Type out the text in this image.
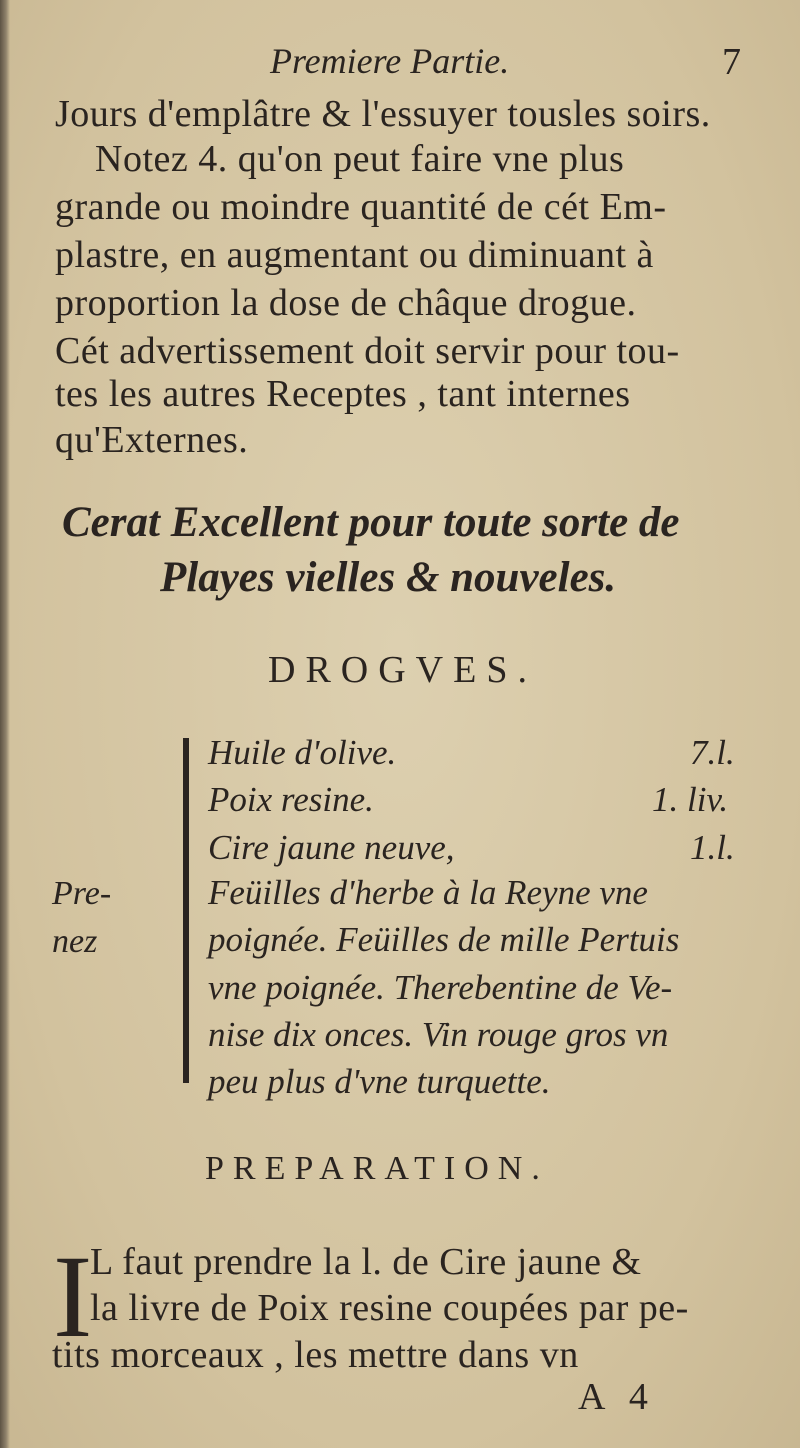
Premiere Partie.	7
Jours d'emplâtre & l'essuyer tousles soirs.
Notez 4. qu'on peut faire vne plus
grande ou moindre quantité de cét Em-
plastre, en augmentant ou diminuant à
proportion la dose de châque drogue.
Cét advertissement doit servir pour tou-
tes les autres Receptes , tant internes
qu'Externes.
Cerat Excellent pour toute sorte de
Playes vielles & nouveles.
DROGVES.
Pre-
nez
Huile d'olive.	7.l.
Poix resine.	1. liv.
Cire jaune neuve,	1.l.
Feüilles d'herbe à la Reyne vne
poignée. Feüilles de mille Pertuis
vne poignée. Therebentine de Ve-
nise dix onces. Vin rouge gros vn
peu plus d'vne turquette.
PREPARATION.
I
L faut prendre la l. de Cire jaune &
la livre de Poix resine coupées par pe-
tits morceaux , les mettre dans vn
A 4
